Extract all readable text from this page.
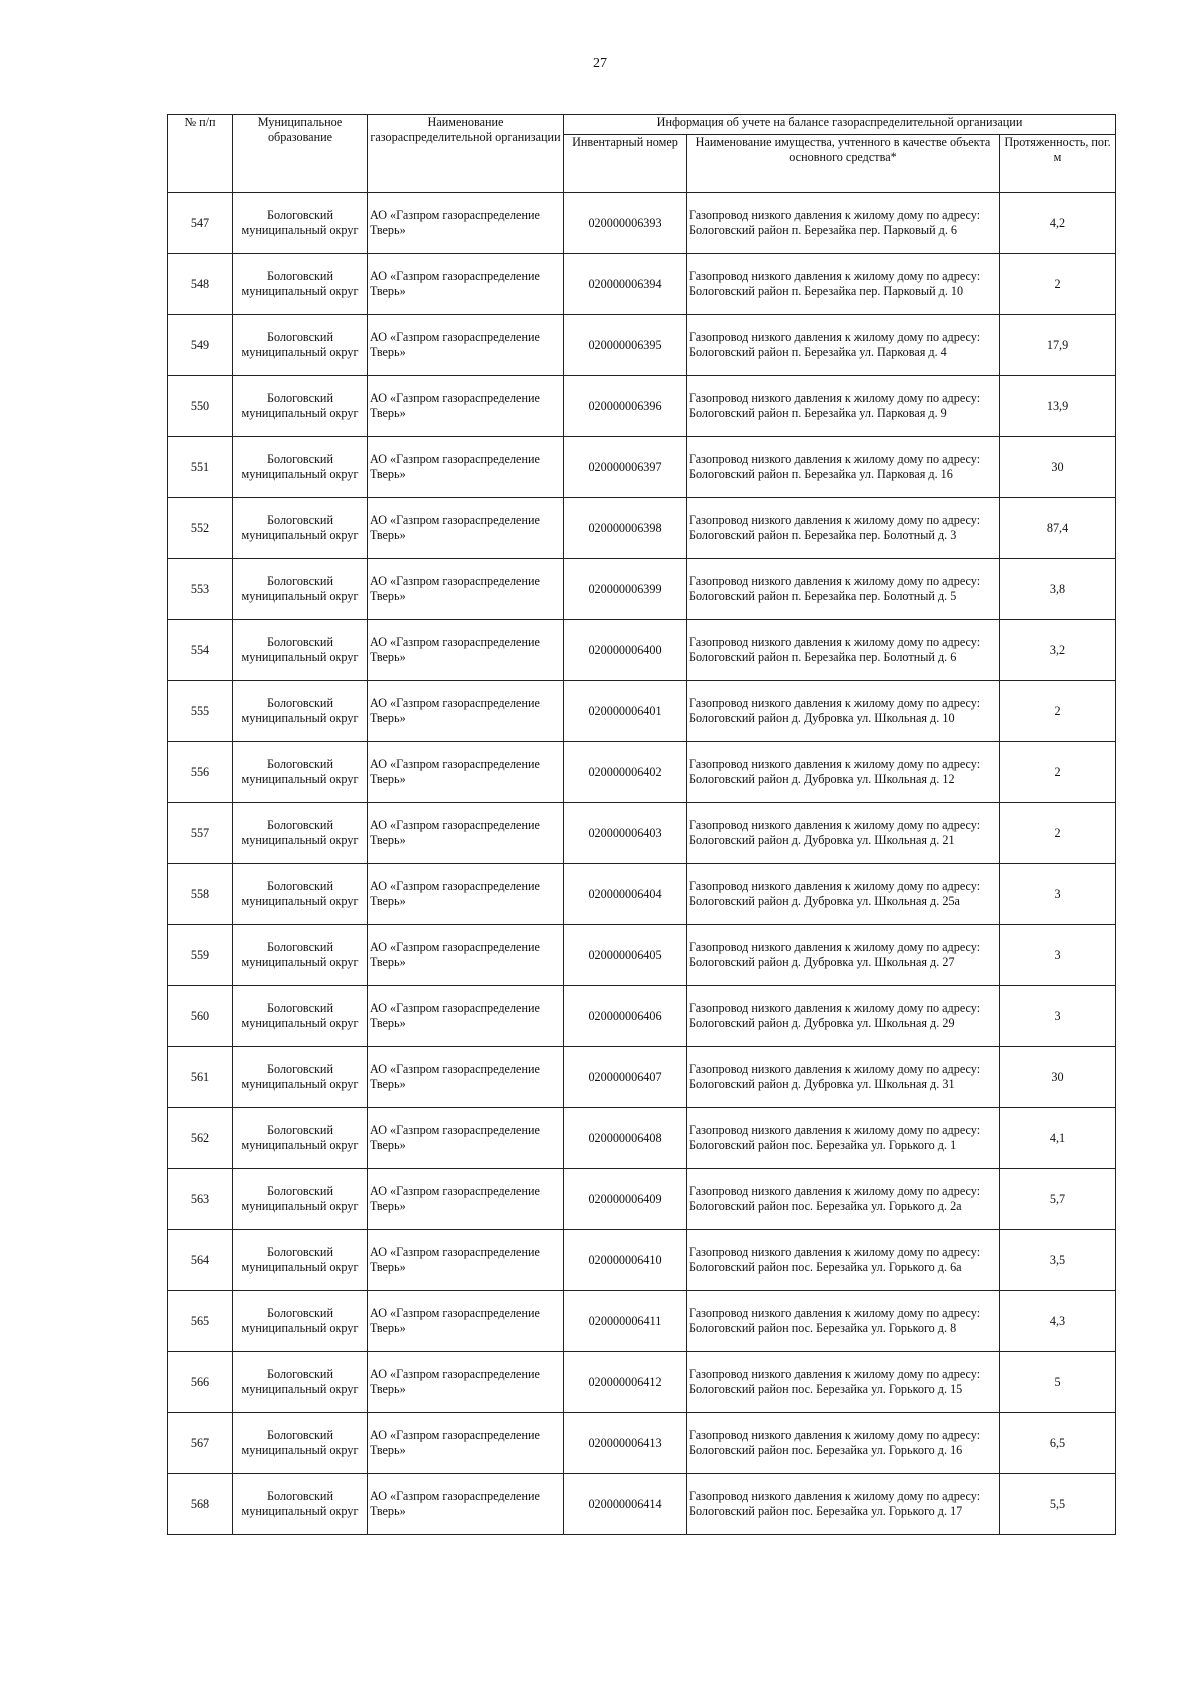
27
№ п/п	Муниципальное образование	Наименование газораспределительной организации	Информация об учете на балансе газораспределительной организации		
			Инвентарный номер	Наименование имущества, учтенного в качестве объекта основного средства*	Протяженность, пог. м
547	Бологовский муниципальный округ	АО «Газпром газораспределение Тверь»	020000006393	Газопровод низкого давления к жилому дому по адресу: Бологовский район п. Березайка пер. Парковый д. 6	4,2
548	Бологовский муниципальный округ	АО «Газпром газораспределение Тверь»	020000006394	Газопровод низкого давления к жилому дому по адресу: Бологовский район п. Березайка пер. Парковый д. 10	2
549	Бологовский муниципальный округ	АО «Газпром газораспределение Тверь»	020000006395	Газопровод низкого давления к жилому дому по адресу: Бологовский район п. Березайка ул. Парковая д. 4	17,9
550	Бологовский муниципальный округ	АО «Газпром газораспределение Тверь»	020000006396	Газопровод низкого давления к жилому дому по адресу: Бологовский район п. Березайка ул. Парковая д. 9	13,9
551	Бологовский муниципальный округ	АО «Газпром газораспределение Тверь»	020000006397	Газопровод низкого давления к жилому дому по адресу: Бологовский район п. Березайка ул. Парковая д. 16	30
552	Бологовский муниципальный округ	АО «Газпром газораспределение Тверь»	020000006398	Газопровод низкого давления к жилому дому по адресу: Бологовский район п. Березайка пер. Болотный д. 3	87,4
553	Бологовский муниципальный округ	АО «Газпром газораспределение Тверь»	020000006399	Газопровод низкого давления к жилому дому по адресу: Бологовский район п. Березайка пер. Болотный д. 5	3,8
554	Бологовский муниципальный округ	АО «Газпром газораспределение Тверь»	020000006400	Газопровод низкого давления к жилому дому по адресу: Бологовский район п. Березайка пер. Болотный д. 6	3,2
555	Бологовский муниципальный округ	АО «Газпром газораспределение Тверь»	020000006401	Газопровод низкого давления к жилому дому по адресу: Бологовский район д. Дубровка ул. Школьная д. 10	2
556	Бологовский муниципальный округ	АО «Газпром газораспределение Тверь»	020000006402	Газопровод низкого давления к жилому дому по адресу: Бологовский район д. Дубровка ул. Школьная д. 12	2
557	Бологовский муниципальный округ	АО «Газпром газораспределение Тверь»	020000006403	Газопровод низкого давления к жилому дому по адресу: Бологовский район д. Дубровка ул. Школьная д. 21	2
558	Бологовский муниципальный округ	АО «Газпром газораспределение Тверь»	020000006404	Газопровод низкого давления к жилому дому по адресу: Бологовский район д. Дубровка ул. Школьная д. 25а	3
559	Бологовский муниципальный округ	АО «Газпром газораспределение Тверь»	020000006405	Газопровод низкого давления к жилому дому по адресу: Бологовский район д. Дубровка ул. Школьная д. 27	3
560	Бологовский муниципальный округ	АО «Газпром газораспределение Тверь»	020000006406	Газопровод низкого давления к жилому дому по адресу: Бологовский район д. Дубровка ул. Школьная д. 29	3
561	Бологовский муниципальный округ	АО «Газпром газораспределение Тверь»	020000006407	Газопровод низкого давления к жилому дому по адресу: Бологовский район д. Дубровка ул. Школьная д. 31	30
562	Бологовский муниципальный округ	АО «Газпром газораспределение Тверь»	020000006408	Газопровод низкого давления к жилому дому по адресу: Бологовский район пос. Березайка ул. Горького д. 1	4,1
563	Бологовский муниципальный округ	АО «Газпром газораспределение Тверь»	020000006409	Газопровод низкого давления к жилому дому по адресу: Бологовский район пос. Березайка ул. Горького д. 2а	5,7
564	Бологовский муниципальный округ	АО «Газпром газораспределение Тверь»	020000006410	Газопровод низкого давления к жилому дому по адресу: Бологовский район пос. Березайка ул. Горького д. 6а	3,5
565	Бологовский муниципальный округ	АО «Газпром газораспределение Тверь»	020000006411	Газопровод низкого давления к жилому дому по адресу: Бологовский район пос. Березайка ул. Горького д. 8	4,3
566	Бологовский муниципальный округ	АО «Газпром газораспределение Тверь»	020000006412	Газопровод низкого давления к жилому дому по адресу: Бологовский район пос. Березайка ул. Горького д. 15	5
567	Бологовский муниципальный округ	АО «Газпром газораспределение Тверь»	020000006413	Газопровод низкого давления к жилому дому по адресу: Бологовский район пос. Березайка ул. Горького д. 16	6,5
568	Бологовский муниципальный округ	АО «Газпром газораспределение Тверь»	020000006414	Газопровод низкого давления к жилому дому по адресу: Бологовский район пос. Березайка ул. Горького д. 17	5,5
